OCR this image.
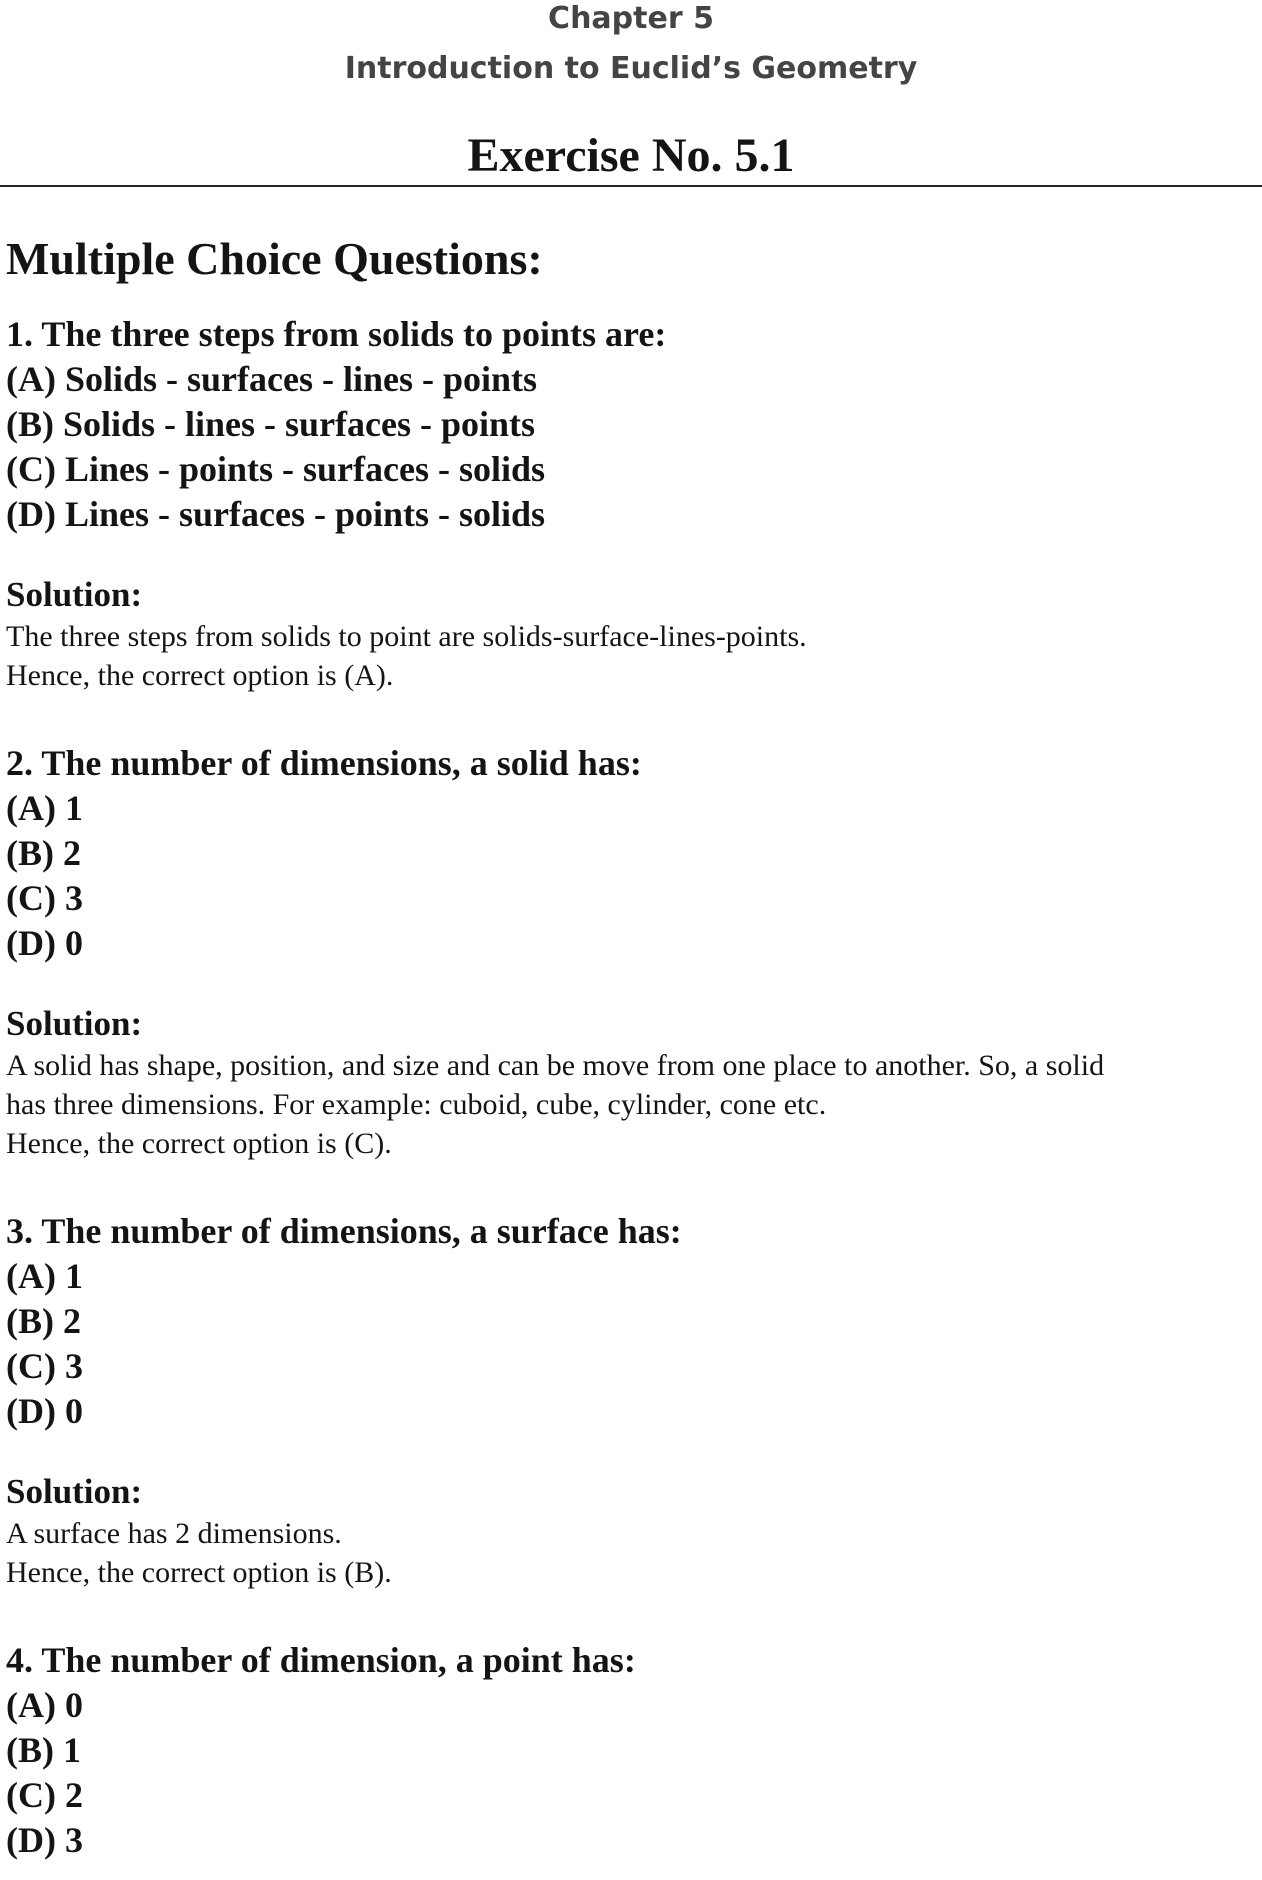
Chapter 5
Introduction to Euclid’s Geometry
Exercise No. 5.1
Multiple Choice Questions:
1. The three steps from solids to points are:
(A) Solids - surfaces - lines - points
(B) Solids - lines - surfaces - points
(C) Lines - points - surfaces - solids
(D) Lines - surfaces - points - solids
Solution:
The three steps from solids to point are solids-surface-lines-points.
Hence, the correct option is (A).
2. The number of dimensions, a solid has:
(A) 1
(B) 2
(C) 3
(D) 0
Solution:
A solid has shape, position, and size and can be move from one place to another. So, a solid
has three dimensions. For example: cuboid, cube, cylinder, cone etc.
Hence, the correct option is (C).
3. The number of dimensions, a surface has:
(A) 1
(B) 2
(C) 3
(D) 0
Solution:
A surface has 2 dimensions.
Hence, the correct option is (B).
4. The number of dimension, a point has:
(A) 0
(B) 1
(C) 2
(D) 3
